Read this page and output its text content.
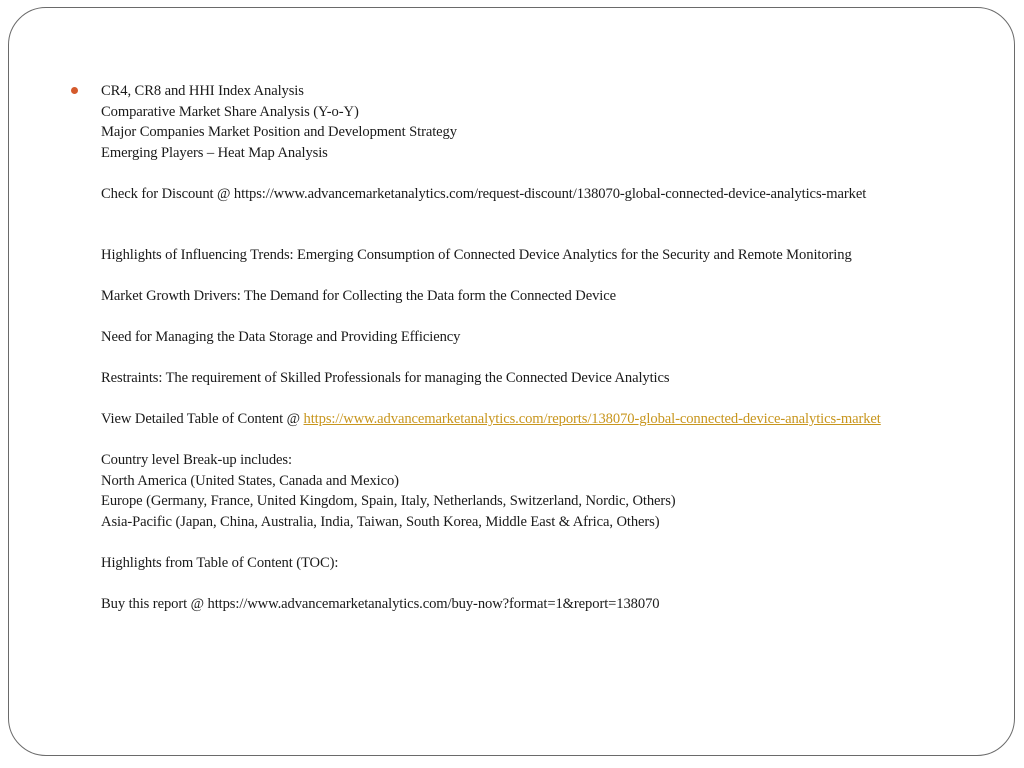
CR4, CR8 and HHI Index Analysis
Comparative Market Share Analysis (Y-o-Y)
Major Companies Market Position and Development Strategy
Emerging Players – Heat Map Analysis
Check for Discount @ https://www.advancemarketanalytics.com/request-discount/138070-global-connected-device-analytics-market
Highlights of Influencing Trends: Emerging Consumption of Connected Device Analytics for the Security and Remote Monitoring
Market Growth Drivers: The Demand for Collecting the Data form the Connected Device
Need for Managing the Data Storage and Providing Efficiency
Restraints: The requirement of Skilled Professionals for managing the Connected Device Analytics
View Detailed Table of Content @ https://www.advancemarketanalytics.com/reports/138070-global-connected-device-analytics-market
Country level Break-up includes:
North America (United States, Canada and Mexico)
Europe (Germany, France, United Kingdom, Spain, Italy, Netherlands, Switzerland, Nordic, Others)
Asia-Pacific (Japan, China, Australia, India, Taiwan, South Korea, Middle East & Africa, Others)
Highlights from Table of Content (TOC):
Buy this report @ https://www.advancemarketanalytics.com/buy-now?format=1&report=138070
